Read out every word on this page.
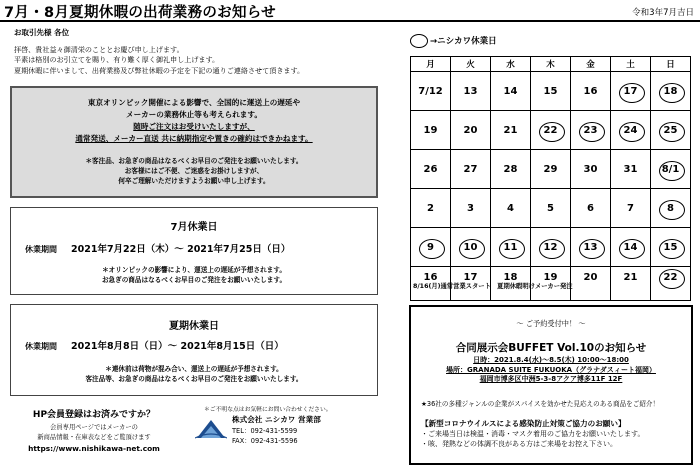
7月・8月夏期休暇の出荷業務のお知らせ	令和3年7月吉日
お取引先様 各位
拝啓、貴社益々御清栄のこととお慶び申し上げます。
平素は格別のお引立てを賜り、有り難く厚く御礼申し上げます。
夏期休暇に伴いまして、出荷業務及び弊社休暇の予定を下記の通りご連絡させて頂きます。
東京オリンピック開催による影響で、全国的に運送上の遅延や
メーカーの業務休止等も考えられます。
随時ご注文はお受けいたしますが、
通常発送、メーカー直送 共に納期指定や置きの確約はできかねます。
＊客注品、お急ぎの商品はなるべくお早目のご発注をお願いいたします。
お客様にはご不便、ご迷惑をお掛けしますが、
何卒ご理解いただけますようお願い申し上げます。
7月休業日
休業期間 2021年7月22日（木）～ 2021年7月25日（日）
＊オリンピックの影響により、運送上の遅延が予想されます。
お急ぎの商品はなるべくお早目のご発注をお願いいたします。
夏期休業日
休業期間 2021年8月8日（日）～ 2021年8月15日（日）
＊連休前は荷物が混み合い、運送上の遅延が予想されます。
客注品等、お急ぎの商品はなるべくお早目のご発注をお願いいたします。
HP会員登録はお済みですか？
会員専用ページではメーカーの
新商品情報・在庫表などをご覧頂けます
https://www.nishikawa-net.com
＊ご不明な点はお気軽にお問い合わせください。
株式会社 ニシカワ 営業部
TEL：092-431-5599
FAX：092-431-5596
→ニシカワ休業日
月	火	水	木	金	土	日

7/12	13	14	15	16	17	18

19	20	21	22	23	24	25

26	27	28	29	30	31	8/1

2	3	4	5	6	7	8

9	10	11	12	13	14	15

16	17	18	19	20	21	22
8/16(月)通常営業スタート　夏期休暇明けメーカー発注
～ ご予約受付中！ ～
合同展示会BUFFET Vol.10のお知らせ
日時：2021.8.4(水)～8.5(木) 10:00～18:00
場所：GRANADA SUITE FUKUOKA（グラナダスィート福岡）
福岡市博多区中洲5-3-8アクア博多11F 12F
★36社の多種ジャンルの企業がスパイスを効かせた見応えのある商品をご紹介！
【新型コロナウイルスによる感染防止対策ご協力のお願い】
・ご来場当日は検温・消毒・マスク着用のご協力をお願いいたします。
・咳、発熱などの体調不良がある方はご来場をお控え下さい。
